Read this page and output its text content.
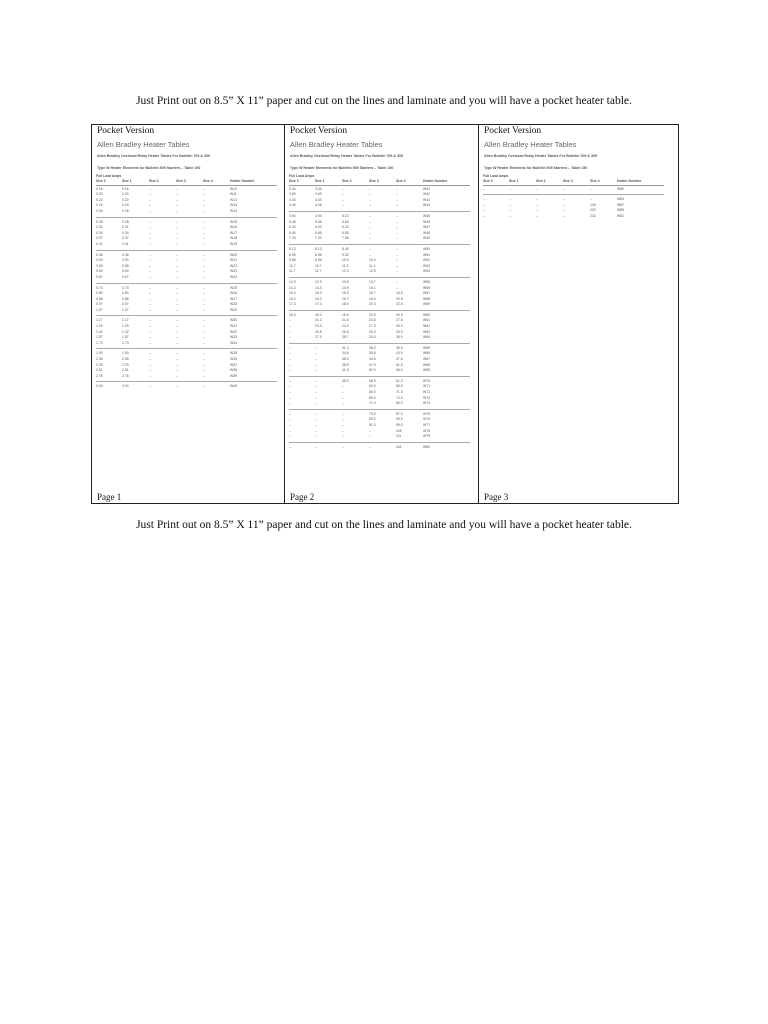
Just Print out on 8.5” X 11” paper and cut on the lines and laminate and you will have a pocket heater table.
Pocket Version
Allen Bradley Heater Tables
Allen Bradley Overload Relay Heater Tables For Bulletin 709 & 309
Type W Heater Elements for Bulletin 509 Starters – Table 150
Full Load Amps
Size 0	Size 1	Size 2	Size 3	Size 4	Heater Number
0.16	0.16	--	--	--	W10
0.20	0.20	--	--	--	W11
0.22	0.22	--	--	--	W12
0.24	0.24	--	--	--	W13
0.26	0.26	--	--	--	W14
0.28	0.28	--	--	--	W15
0.31	0.31	--	--	--	W16
0.34	0.34	--	--	--	W17
0.37	0.37	--	--	--	W18
0.41	0.41	--	--	--	W19
0.46	0.46	--	--	--	W20
0.50	0.50	--	--	--	W21
0.55	0.55	--	--	--	W22
0.60	0.60	--	--	--	W23
0.67	0.67	--	--	--	W24
0.73	0.73	--	--	--	W25
0.80	0.80	--	--	--	W26
0.88	0.88	--	--	--	W27
0.97	0.97	--	--	--	W28
1.07	1.07	--	--	--	W29
1.17	1.17	--	--	--	W30
1.29	1.29	--	--	--	W31
1.42	1.42	--	--	--	W32
1.57	1.57	--	--	--	W33
1.73	1.73	--	--	--	W34
1.90	1.90	--	--	--	W35
2.08	2.08	--	--	--	W36
2.29	2.29	--	--	--	W37
2.51	2.51	--	--	--	W38
2.76	2.76	--	--	--	W39
3.04	3.04	--	--	--	W40
Page 1
Pocket Version
Allen Bradley Heater Tables
Allen Bradley Overload Relay Heater Tables For Bulletin 709 & 309
Type W Heater Elements for Bulletin 509 Starters – Table 150
Full Load Amps
Size 0	Size 1	Size 2	Size 3	Size 4	Heater Number
3.34	3.34	--	--	--	W41
3.69	3.69	--	--	--	W42
4.03	4.03	--	--	--	W43
4.46	4.46	--	--	--	W44
4.94	4.94	5.10	--	--	W45
5.46	5.46	5.64	--	--	W46
6.03	6.03	6.22	--	--	W47
6.65	6.65	6.85	--	--	W48
7.33	7.33	7.56	--	--	W49
8.13	8.13	8.40	--	--	W50
8.95	8.95	9.32	--	--	W51
9.86	9.86	10.3	10.4	--	W52
10.7	10.7	11.3	11.4	--	W53
11.7	11.7	12.3	12.5	--	W54
12.9	12.9	13.6	13.7	--	W55
14.3	14.3	14.9	15.1	--	W56
15.3	15.3	15.9	16.7	16.5	W57
16.2	16.2	16.7	18.4	20.6	W58
17.3	17.3	18.6	20.3	22.5	W59
18.4	18.4	19.6	22.5	25.0	W60
--	21.3	21.6	24.6	27.5	W61
--	23.3	24.2	27.3	30.0	W62
--	25.5	26.6	30.0	33.0	W63
--	27.3	28.7	33.0	36.0	W64
--	--	31.3	36.0	39.5	W65
--	--	34.6	39.5	43.5	W66
--	--	38.5	43.5	47.5	W67
--	--	38.5	47.5	51.5	W68
--	--	41.5	52.0	56.0	W69
--	--	45.0	56.5	61.0	W70
--	--	--	60.0	66.0	W71
--	--	--	60.0	71.0	W72
--	--	--	65.0	74.0	W73
--	--	--	71.0	80.0	W74
--	--	--	73.0	87.0	W75
--	--	--	83.0	93.0	W76
--	--	--	91.0	99.0	W77
--	--	--	--	105	W78
--	--	--	--	111	W79
--	--	--	--	118	W80
Page 2
Pocket Version
Allen Bradley Heater Tables
Allen Bradley Overload Relay Heater Tables For Bulletin 709 & 309
Type W Heater Elements for Bulletin 509 Starters – Table 150
Full Load Amps
Size 0	Size 1	Size 2	Size 3	Size 4	Heater Number
--	--	--	--	--	W80
--	--	--	--	--	W84
--	--	--	--	135	W87
--	--	--	--	220	W85
--	--	--	--	232	W81
Page 3
Just Print out on 8.5” X 11” paper and cut on the lines and laminate and you will have a pocket heater table.
